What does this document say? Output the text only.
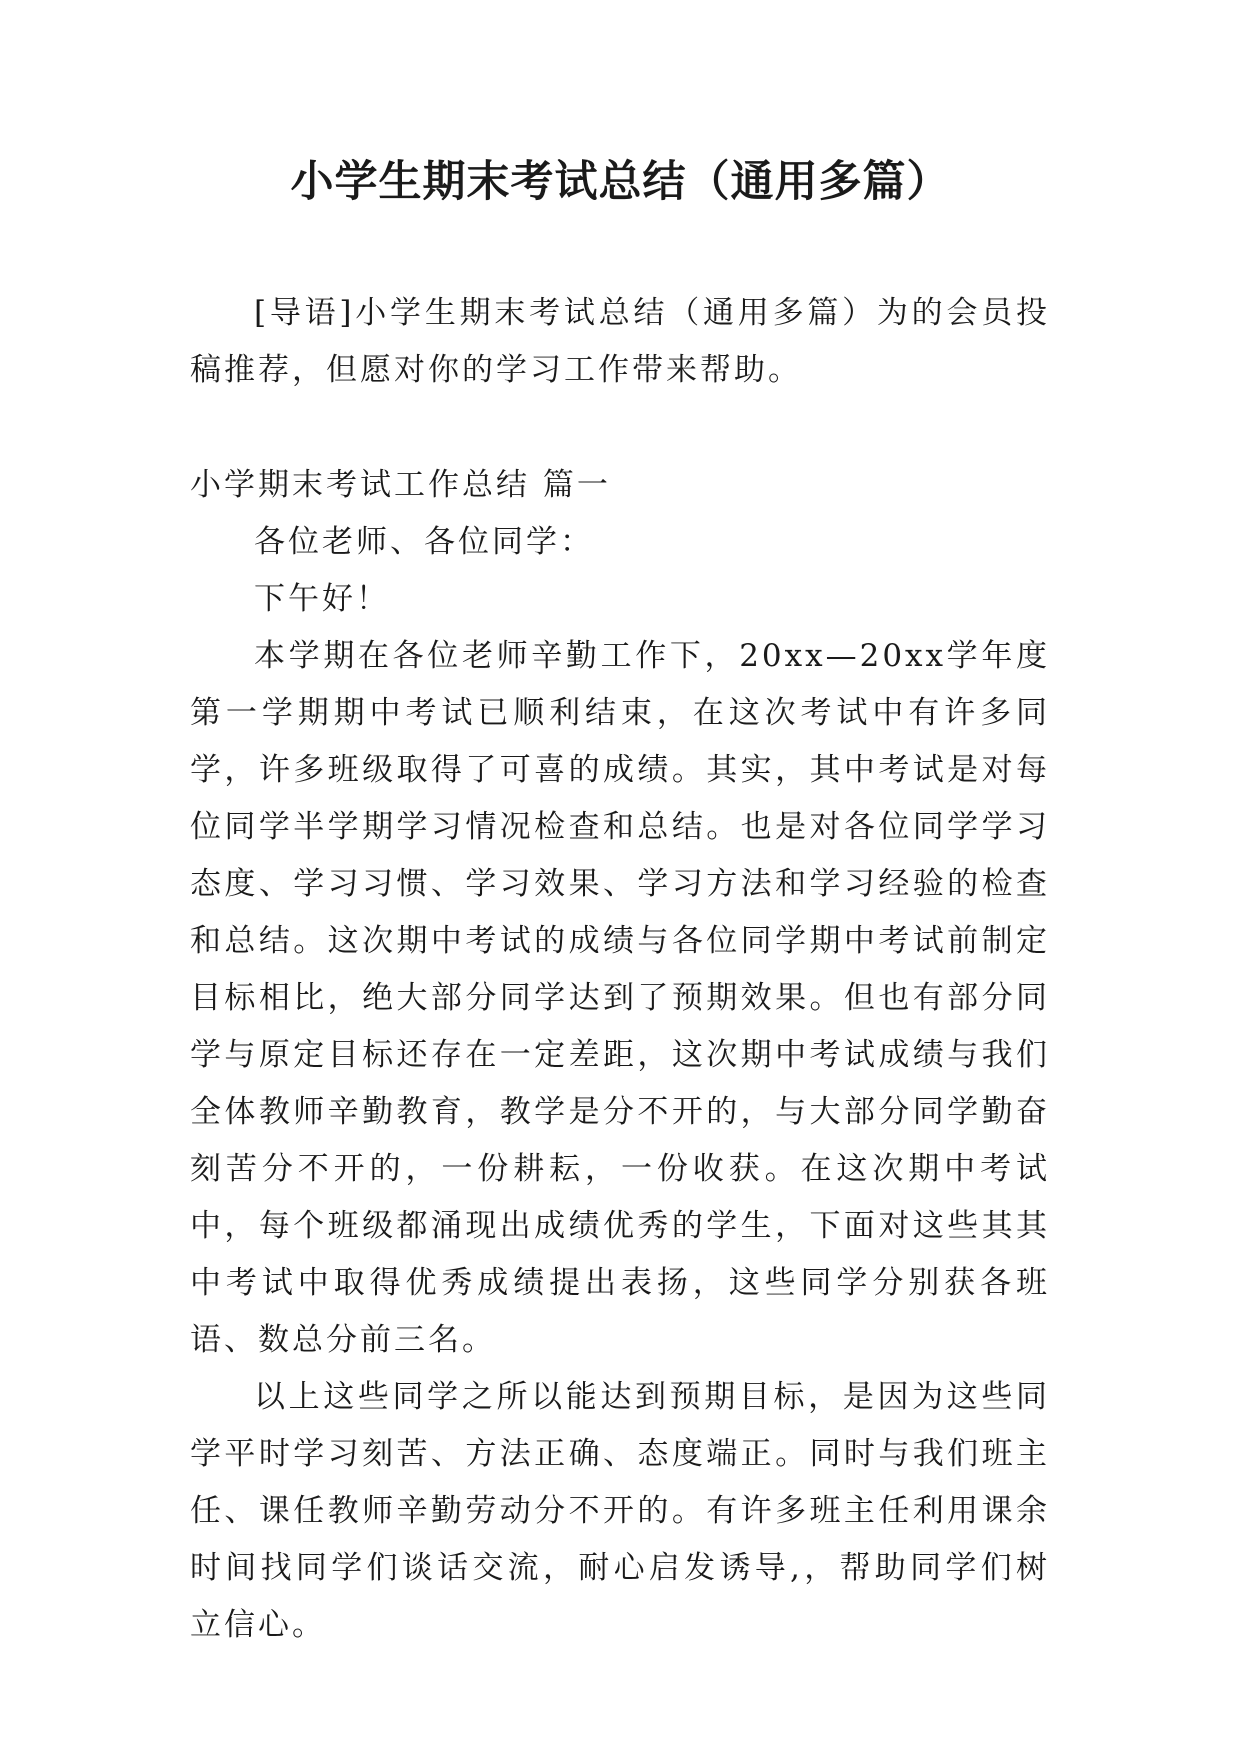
小学生期末考试总结（通用多篇）

[导语]小学生期末考试总结（通用多篇）为的会员投稿推荐，但愿对你的学习工作带来帮助。

小学期末考试工作总结 篇一

各位老师、各位同学：

下午好！

本学期在各位老师辛勤工作下，20xx—20xx学年度第一学期期中考试已顺利结束，在这次考试中有许多同学，许多班级取得了可喜的成绩。其实，其中考试是对每位同学半学期学习情况检查和总结。也是对各位同学学习态度、学习习惯、学习效果、学习方法和学习经验的检查和总结。这次期中考试的成绩与各位同学期中考试前制定目标相比，绝大部分同学达到了预期效果。但也有部分同学与原定目标还存在一定差距，这次期中考试成绩与我们全体教师辛勤教育，教学是分不开的，与大部分同学勤奋刻苦分不开的，一份耕耘，一份收获。在这次期中考试中，每个班级都涌现出成绩优秀的学生，下面对这些其其中考试中取得优秀成绩提出表扬，这些同学分别获各班语、数总分前三名。

以上这些同学之所以能达到预期目标，是因为这些同学平时学习刻苦、方法正确、态度端正。同时与我们班主任、课任教师辛勤劳动分不开的。有许多班主任利用课余时间找同学们谈话交流，耐心启发诱导,，帮助同学们树立信心。
